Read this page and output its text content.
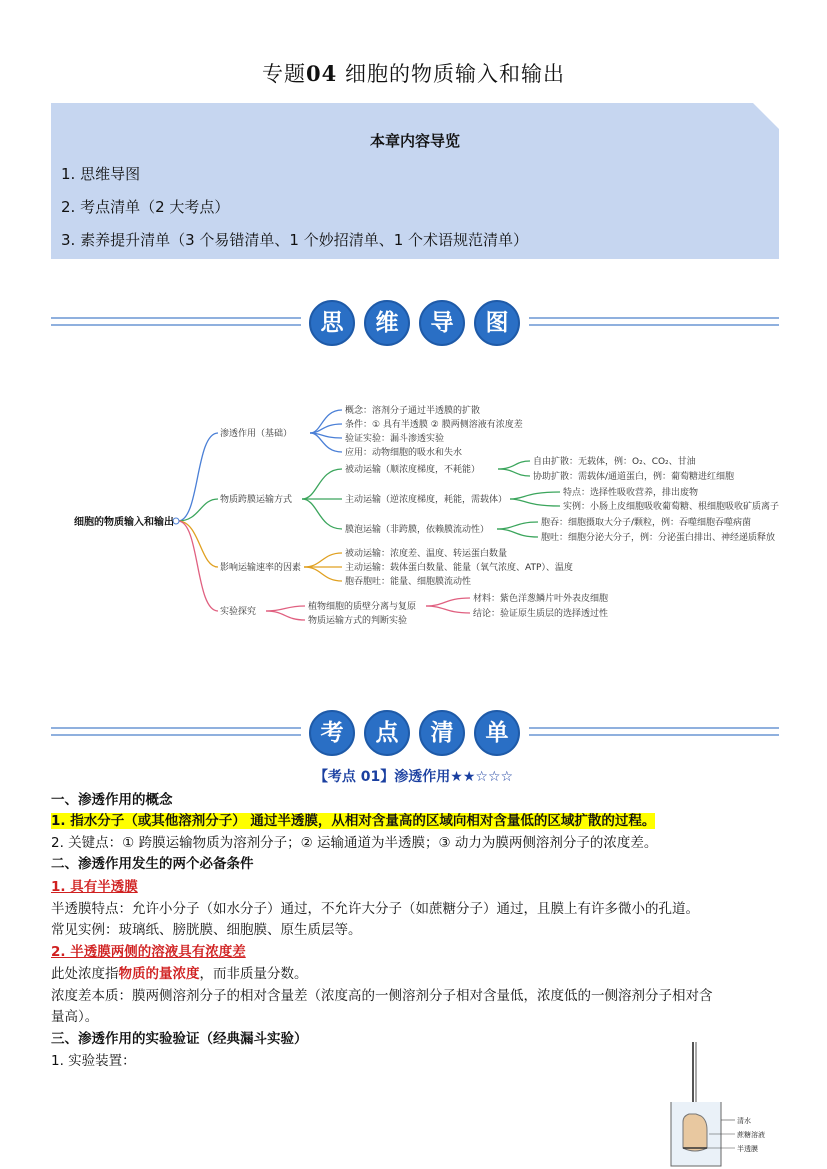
专题04 细胞的物质输入和输出
本章内容导览
1. 思维导图
2. 考点清单（2 大考点）
3. 素养提升清单（3 个易错清单、1 个妙招清单、1 个术语规范清单）
思	维	导	图
细胞的物质输入和输出
渗透作用（基础）
概念：溶剂分子通过半透膜的扩散
条件：① 具有半透膜 ② 膜两侧溶液有浓度差
验证实验：漏斗渗透实验
应用：动物细胞的吸水和失水
物质跨膜运输方式
被动运输（顺浓度梯度，不耗能）
自由扩散：无载体，例：O₂、CO₂、甘油
协助扩散：需载体/通道蛋白，例：葡萄糖进红细胞
主动运输（逆浓度梯度，耗能，需载体）
特点：选择性吸收营养，排出废物
实例：小肠上皮细胞吸收葡萄糖、根细胞吸收矿质离子
膜泡运输（非跨膜，依赖膜流动性）
胞吞：细胞摄取大分子/颗粒，例：吞噬细胞吞噬病菌
胞吐：细胞分泌大分子，例：分泌蛋白排出、神经递质释放
影响运输速率的因素
被动运输：浓度差、温度、转运蛋白数量
主动运输：载体蛋白数量、能量（氧气浓度、ATP）、温度
胞吞胞吐：能量、细胞膜流动性
实验探究	植物细胞的质壁分离与复原
物质运输方式的判断实验
材料：紫色洋葱鳞片叶外表皮细胞
结论：验证原生质层的选择透过性
考	点	清	单
【考点 01】渗透作用★★☆☆☆
一、渗透作用的概念
1. 指水分子（或其他溶剂分子） 通过半透膜，从相对含量高的区域向相对含量低的区域扩散的过程。
2. 关键点：① 跨膜运输物质为溶剂分子；② 运输通道为半透膜；③ 动力为膜两侧溶剂分子的浓度差。
二、渗透作用发生的两个必备条件
1. 具有半透膜
半透膜特点：允许小分子（如水分子）通过，不允许大分子（如蔗糖分子）通过，且膜上有许多微小的孔道。
常见实例：玻璃纸、膀胱膜、细胞膜、原生质层等。
2. 半透膜两侧的溶液具有浓度差
此处浓度指物质的量浓度，而非质量分数。
浓度差本质：膜两侧溶剂分子的相对含量差（浓度高的一侧溶剂分子相对含量低，浓度低的一侧溶剂分子相对含
量高）。
三、渗透作用的实验验证（经典漏斗实验）
1. 实验装置：
清水
蔗糖溶液
半透膜
